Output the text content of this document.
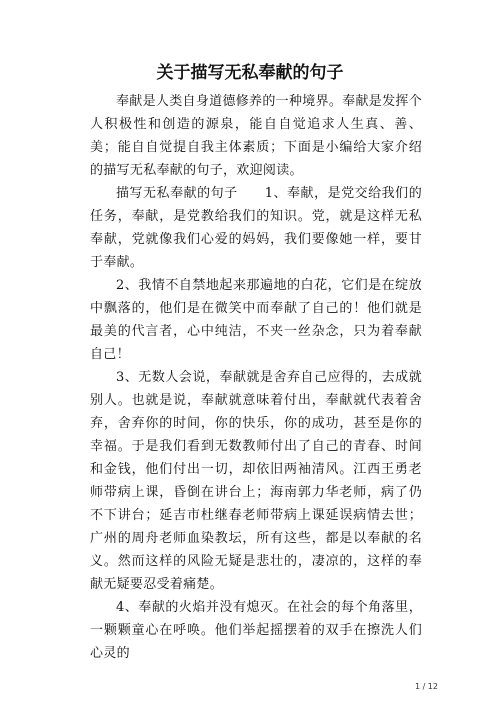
关于描写无私奉献的句子

奉献是人类自身道德修养的一种境界。奉献是发挥个人积极性和创造的源泉，能自自觉追求人生真、善、美；能自自觉提自我主体素质；下面是小编给大家介绍的描写无私奉献的句子，欢迎阅读。

描写无私奉献的句子　　1、奉献，是党交给我们的任务，奉献，是党教给我们的知识。党，就是这样无私奉献，党就像我们心爱的妈妈，我们要像她一样，要甘于奉献。

2、我情不自禁地起来那遍地的白花，它们是在绽放中飘落的，他们是在微笑中而奉献了自己的！他们就是最美的代言者，心中纯洁，不夹一丝杂念，只为着奉献自己！

3、无数人会说，奉献就是舍弃自己应得的，去成就别人。也就是说，奉献就意味着付出，奉献就代表着舍弃，舍弃你的时间，你的快乐，你的成功，甚至是你的幸福。于是我们看到无数教师付出了自己的青春、时间和金钱，他们付出一切，却依旧两袖清风。江西王勇老师带病上课，昏倒在讲台上；海南郭力华老师，病了仍不下讲台；延吉市杜继春老师带病上课延误病情去世；广州的周舟老师血染教坛，所有这些，都是以奉献的名义。然而这样的风险无疑是悲壮的，凄凉的，这样的奉献无疑要忍受着痛楚。

4、奉献的火焰并没有熄灭。在社会的每个角落里，一颗颗童心在呼唤。他们举起摇摆着的双手在擦洗人们心灵的

1 / 12
